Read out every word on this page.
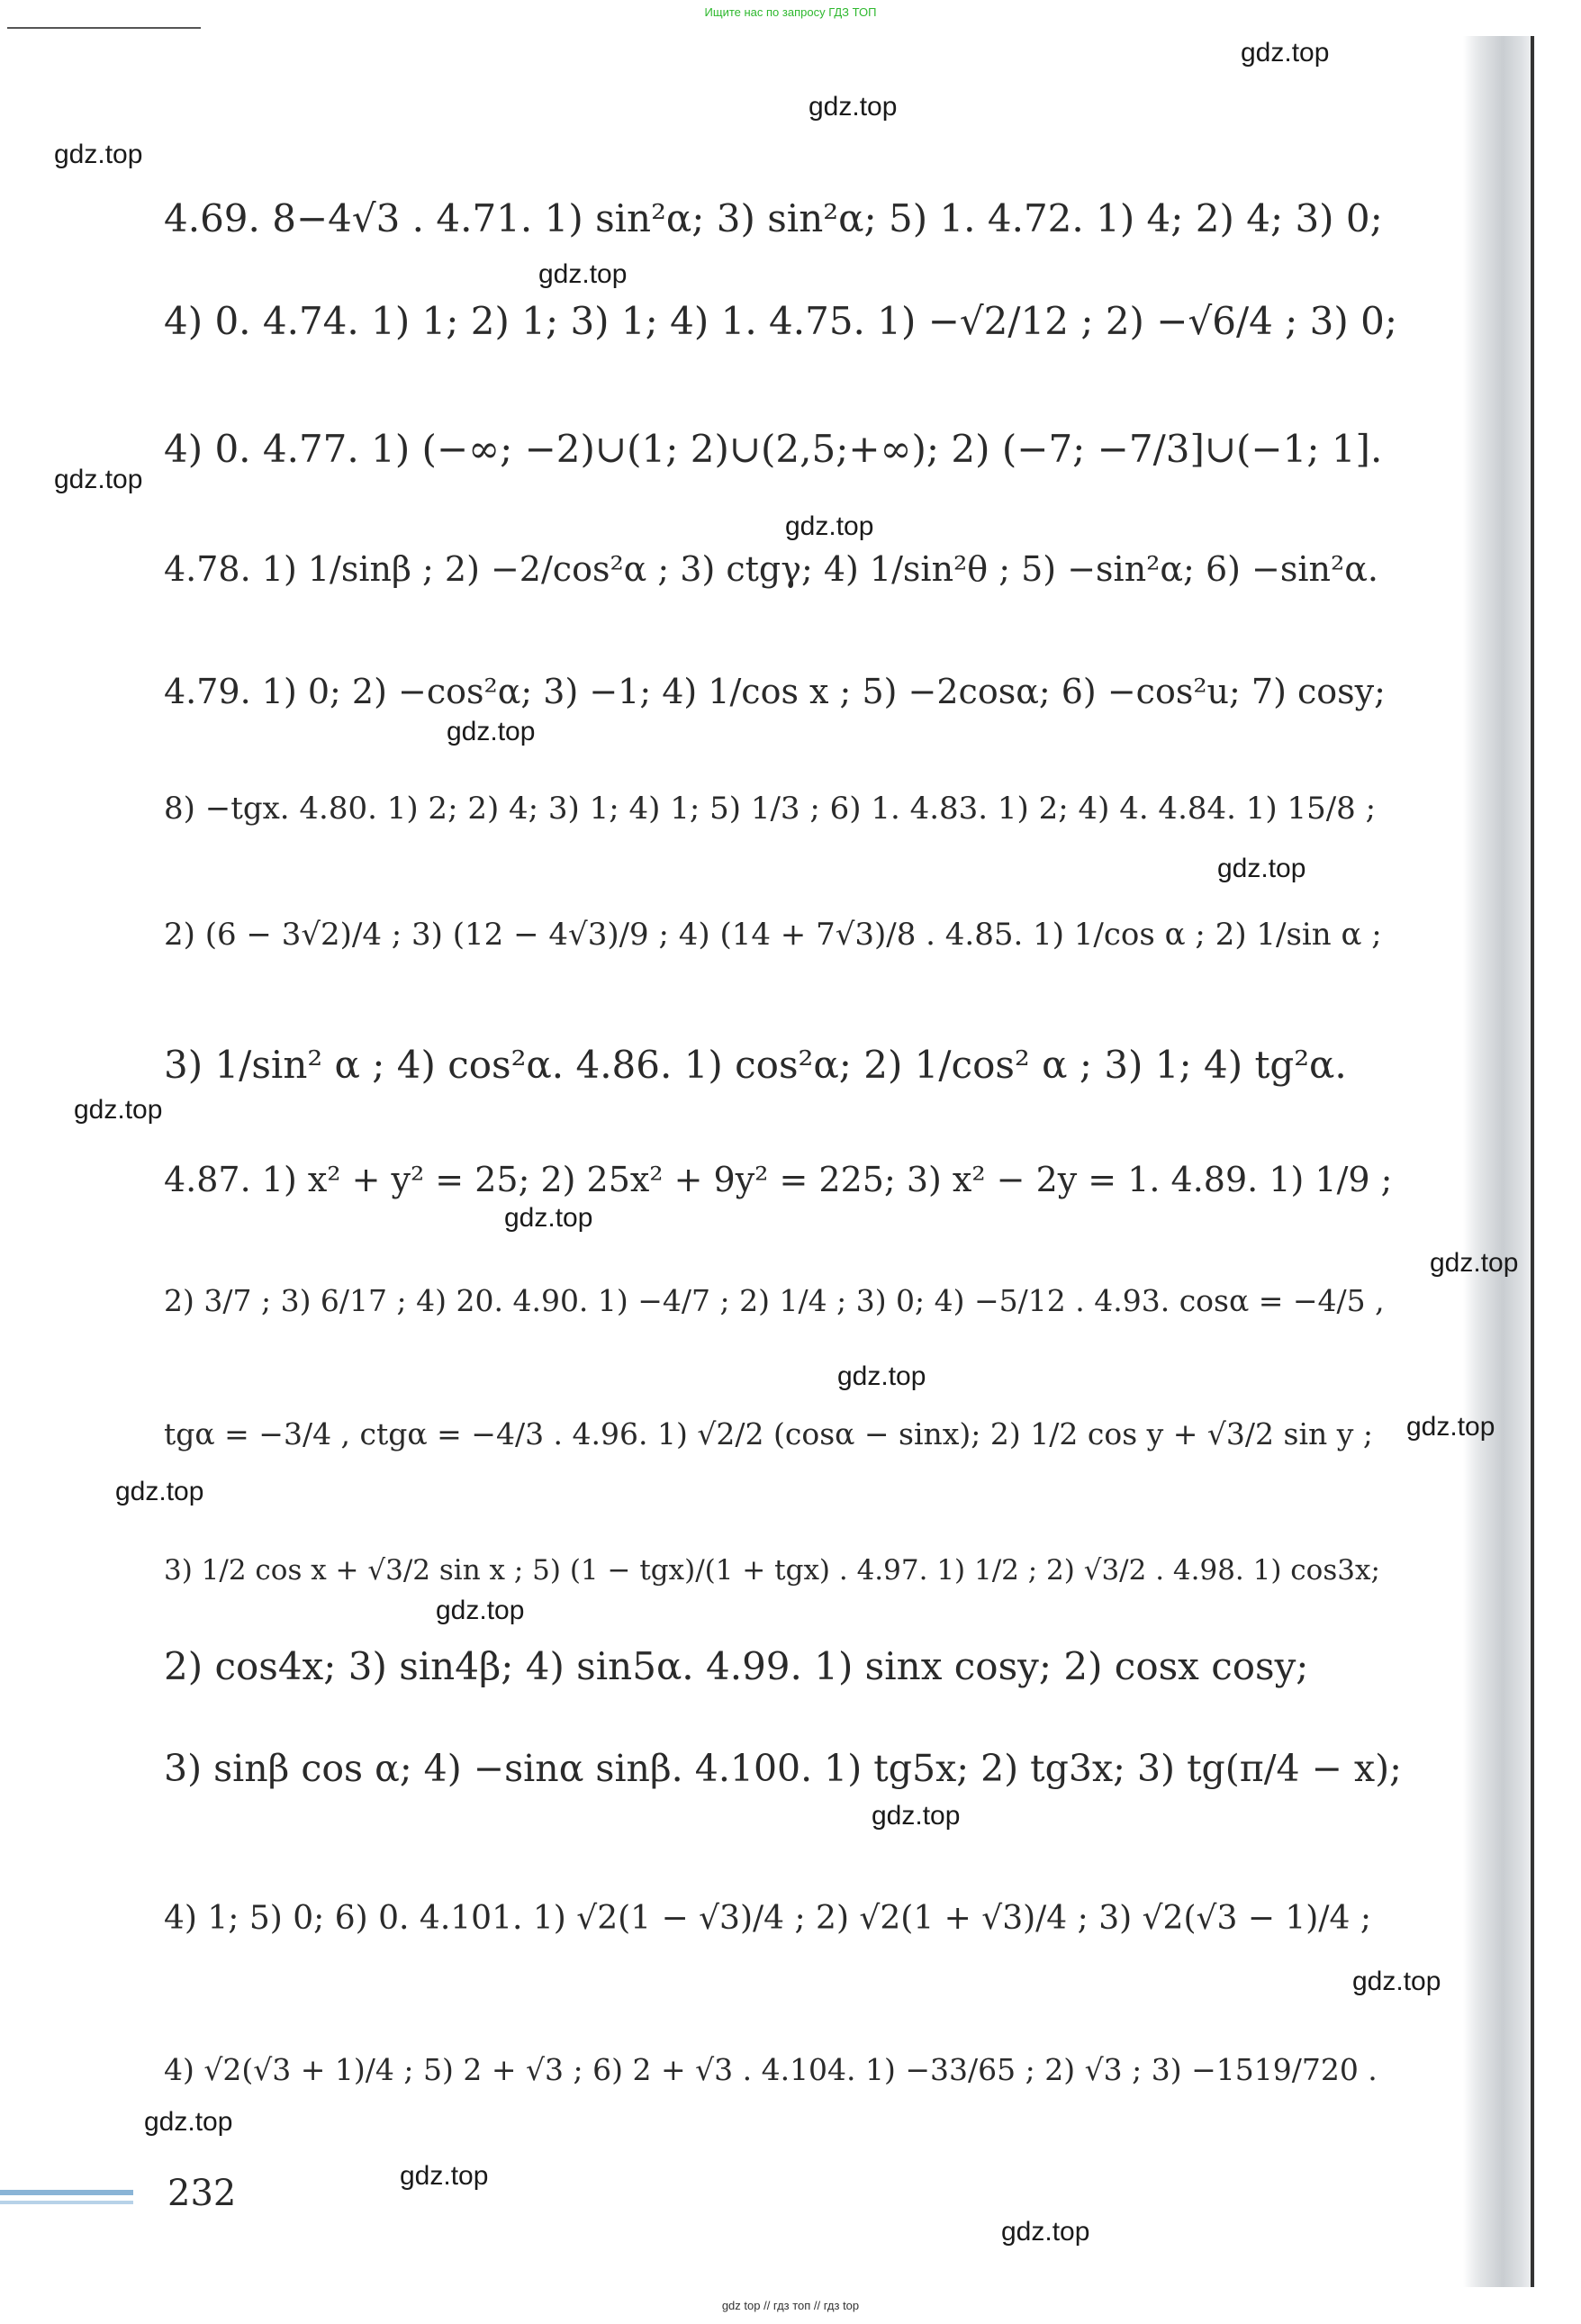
Ищите нас по запросу ГДЗ ТОП
gdz.top
gdz.top
gdz.top
gdz.top
gdz.top
gdz.top
gdz.top
gdz.top
gdz.top
gdz.top
gdz.top
gdz.top
gdz.top
gdz.top
gdz.top
gdz.top
gdz.top
gdz.top
gdz.top
gdz.top
4.69. 8−4√3 . 4.71. 1) sin²α; 3) sin²α; 5) 1. 4.72. 1) 4; 2) 4; 3) 0;
4) 0. 4.74. 1) 1; 2) 1; 3) 1; 4) 1. 4.75. 1) −√2/12 ; 2) −√6/4 ; 3) 0;
4) 0. 4.77. 1) (−∞; −2)∪(1; 2)∪(2,5;+∞); 2) (−7; −7/3]∪(−1; 1].
4.78. 1) 1/sinβ ; 2) −2/cos²α ; 3) ctgγ; 4) 1/sin²θ ; 5) −sin²α; 6) −sin²α.
4.79. 1) 0; 2) −cos²α; 3) −1; 4) 1/cos x ; 5) −2cosα; 6) −cos²u; 7) cosy;
8) −tgx. 4.80. 1) 2; 2) 4; 3) 1; 4) 1; 5) 1/3 ; 6) 1. 4.83. 1) 2; 4) 4. 4.84. 1) 15/8 ;
2) (6 − 3√2)/4 ; 3) (12 − 4√3)/9 ; 4) (14 + 7√3)/8 . 4.85. 1) 1/cos α ; 2) 1/sin α ;
3) 1/sin² α ; 4) cos²α. 4.86. 1) cos²α; 2) 1/cos² α ; 3) 1; 4) tg²α.
4.87. 1) x² + y² = 25; 2) 25x² + 9y² = 225; 3) x² − 2y = 1. 4.89. 1) 1/9 ;
2) 3/7 ; 3) 6/17 ; 4) 20. 4.90. 1) −4/7 ; 2) 1/4 ; 3) 0; 4) −5/12 . 4.93. cosα = −4/5 ,
tgα = −3/4 , ctgα = −4/3 . 4.96. 1) √2/2 (cosα − sinx); 2) 1/2 cos y + √3/2 sin y ;
3) 1/2 cos x + √3/2 sin x ; 5) (1 − tgx)/(1 + tgx) . 4.97. 1) 1/2 ; 2) √3/2 . 4.98. 1) cos3x;
2) cos4x; 3) sin4β; 4) sin5α. 4.99. 1) sinx cosy; 2) cosx cosy;
3) sinβ cos α; 4) −sinα sinβ. 4.100. 1) tg5x; 2) tg3x; 3) tg(π/4 − x);
4) 1; 5) 0; 6) 0. 4.101. 1) √2(1 − √3)/4 ; 2) √2(1 + √3)/4 ; 3) √2(√3 − 1)/4 ;
4) √2(√3 + 1)/4 ; 5) 2 + √3 ; 6) 2 + √3 . 4.104. 1) −33/65 ; 2) √3 ; 3) −1519/720 .
232
gdz top // гдз топ // гдз top
